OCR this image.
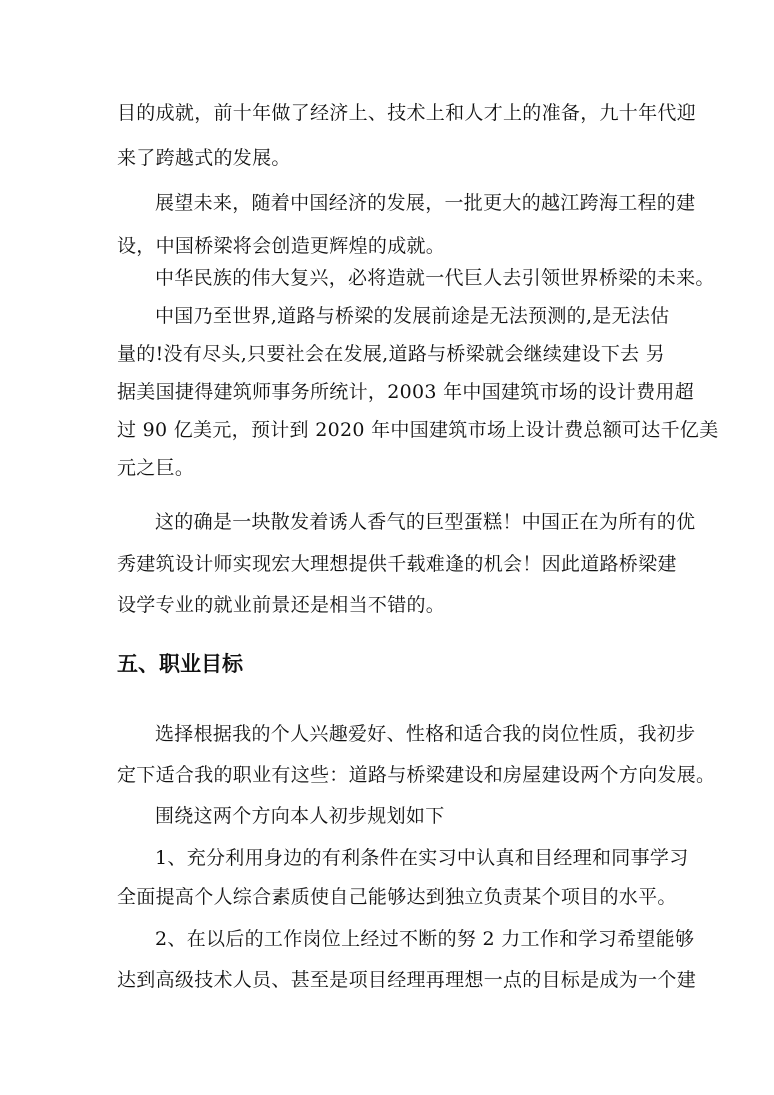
目的成就，前十年做了经济上、技术上和人才上的准备，九十年代迎
来了跨越式的发展。
展望未来，随着中国经济的发展，一批更大的越江跨海工程的建
设，中国桥梁将会创造更辉煌的成就。
中华民族的伟大复兴，必将造就一代巨人去引领世界桥梁的未来。
中国乃至世界,道路与桥梁的发展前途是无法预测的,是无法估
量的!没有尽头,只要社会在发展,道路与桥梁就会继续建设下去 另
据美国捷得建筑师事务所统计，2003 年中国建筑市场的设计费用超
过 90 亿美元，预计到 2020 年中国建筑市场上设计费总额可达千亿美
元之巨。
这的确是一块散发着诱人香气的巨型蛋糕！中国正在为所有的优
秀建筑设计师实现宏大理想提供千载难逢的机会！因此道路桥梁建
设学专业的就业前景还是相当不错的。
五、职业目标
选择根据我的个人兴趣爱好、性格和适合我的岗位性质，我初步
定下适合我的职业有这些：道路与桥梁建设和房屋建设两个方向发展。
围绕这两个方向本人初步规划如下
1、充分利用身边的有利条件在实习中认真和目经理和同事学习
全面提高个人综合素质使自己能够达到独立负责某个项目的水平。
2、在以后的工作岗位上经过不断的努 2 力工作和学习希望能够
达到高级技术人员、甚至是项目经理再理想一点的目标是成为一个建
